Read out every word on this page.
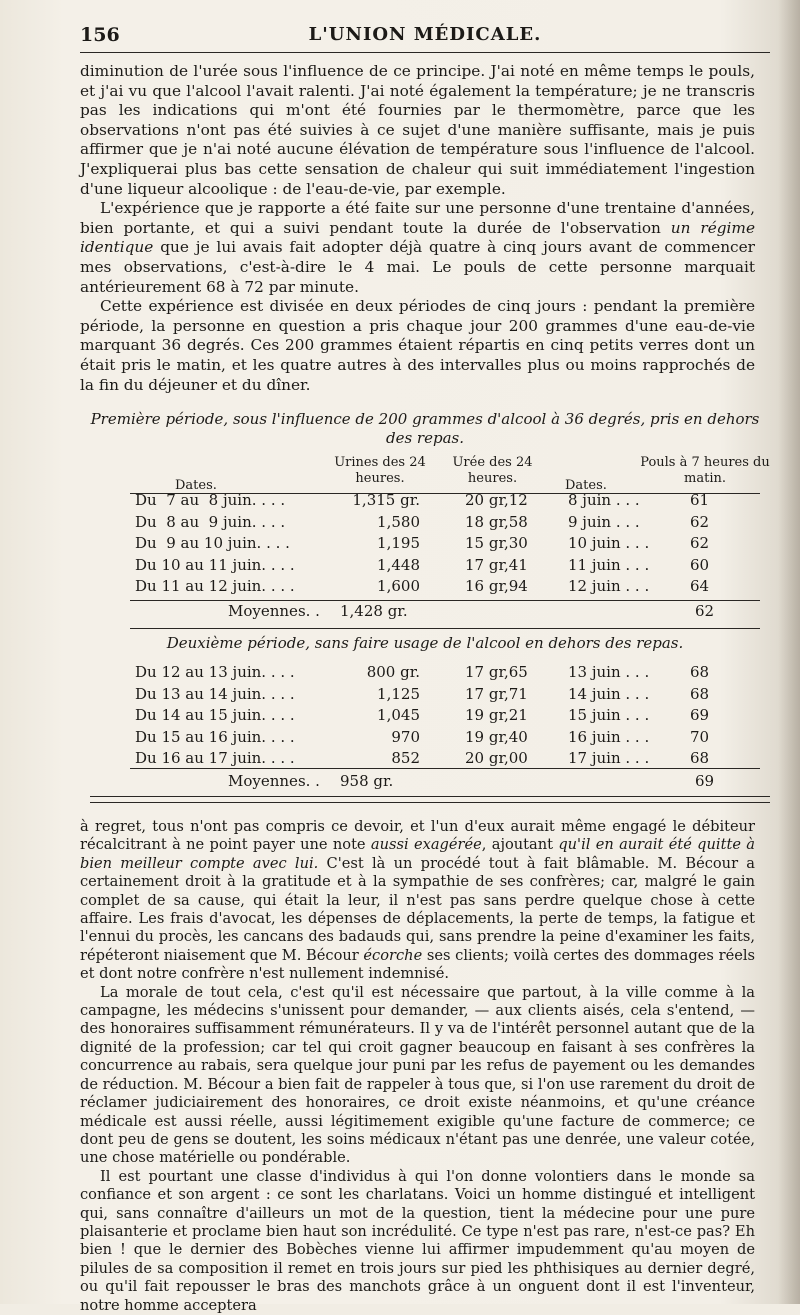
156	L'UNION MÉDICALE.

diminution de l'urée sous l'influence de ce principe. J'ai noté en même temps le pouls, et j'ai vu que l'alcool l'avait ralenti. J'ai noté également la température; je ne transcris pas les indications qui m'ont été fournies par le thermomètre, parce que les observations n'ont pas été suivies à ce sujet d'une manière suffisante, mais je puis affirmer que je n'ai noté aucune élévation de température sous l'influence de l'alcool. J'expliquerai plus bas cette sensation de chaleur qui suit immédiatement l'ingestion d'une liqueur alcoolique : de l'eau-de-vie, par exemple.

L'expérience que je rapporte a été faite sur une personne d'une trentaine d'années, bien portante, et qui a suivi pendant toute la durée de l'observation un régime identique que je lui avais fait adopter déjà quatre à cinq jours avant de commencer mes observations, c'est-à-dire le 4 mai. Le pouls de cette personne marquait antérieurement 68 à 72 par minute.

Cette expérience est divisée en deux périodes de cinq jours : pendant la première période, la personne en question a pris chaque jour 200 grammes d'une eau-de-vie marquant 36 degrés. Ces 200 grammes étaient répartis en cinq petits verres dont un était pris le matin, et les quatre autres à des intervalles plus ou moins rapprochés de la fin du déjeuner et du dîner.

Première période, sous l'influence de 200 grammes d'alcool à 36 degrés, pris en dehors des repas.
Dates.
Urines des 24 heures.
Urée des 24 heures.	Dates.
Pouls à 7 heures du matin.
Du  7 au  8 juin. . . .	1,315 gr.	20 gr,12	8 juin . . .	61
Du  8 au  9 juin. . . .	1,580	18 gr,58	9 juin . . .	62
Du  9 au 10 juin. . . .	1,195	15 gr,30	10 juin . . .	62
Du 10 au 11 juin. . . .	1,448	17 gr,41	11 juin . . .	60
Du 11 au 12 juin. . . .	1,600	16 gr,94	12 juin . . .	64
Moyennes. . 1,428 gr.	62
Deuxième période, sans faire usage de l'alcool en dehors des repas.
Du 12 au 13 juin. . . .	800 gr.	17 gr,65	13 juin . . .	68
Du 13 au 14 juin. . . .	1,125	17 gr,71	14 juin . . .	68
Du 14 au 15 juin. . . .	1,045	19 gr,21	15 juin . . .	69
Du 15 au 16 juin. . . .	970	19 gr,40	16 juin . . .	70
Du 16 au 17 juin. . . .	852	20 gr,00	17 juin . . .	68
Moyennes. . 958 gr.	69

à regret, tous n'ont pas compris ce devoir, et l'un d'eux aurait même engagé le débiteur récalcitrant à ne point payer une note aussi exagérée, ajoutant qu'il en aurait été quitte à bien meilleur compte avec lui. C'est là un procédé tout à fait blâmable. M. Bécour a certainement droit à la gratitude et à la sympathie de ses confrères; car, malgré le gain complet de sa cause, qui était la leur, il n'est pas sans perdre quelque chose à cette affaire. Les frais d'avocat, les dépenses de déplacements, la perte de temps, la fatigue et l'ennui du procès, les cancans des badauds qui, sans prendre la peine d'examiner les faits, répéteront niaisement que M. Bécour écorche ses clients; voilà certes des dommages réels et dont notre confrère n'est nullement indemnisé.

La morale de tout cela, c'est qu'il est nécessaire que partout, à la ville comme à la campagne, les médecins s'unissent pour demander, — aux clients aisés, cela s'entend, — des honoraires suffisamment rémunérateurs. Il y va de l'intérêt personnel autant que de la dignité de la profession; car tel qui croit gagner beaucoup en faisant à ses confrères la concurrence au rabais, sera quelque jour puni par les refus de payement ou les demandes de réduction. M. Bécour a bien fait de rappeler à tous que, si l'on use rarement du droit de réclamer judiciairement des honoraires, ce droit existe néanmoins, et qu'une créance médicale est aussi réelle, aussi légitimement exigible qu'une facture de commerce; ce dont peu de gens se doutent, les soins médicaux n'étant pas une denrée, une valeur cotée, une chose matérielle ou pondérable.

Il est pourtant une classe d'individus à qui l'on donne volontiers dans le monde sa confiance et son argent : ce sont les charlatans. Voici un homme distingué et intelligent qui, sans connaître d'ailleurs un mot de la question, tient la médecine pour une pure plaisanterie et proclame bien haut son incrédulité. Ce type n'est pas rare, n'est-ce pas? Eh bien ! que le dernier des Bobèches vienne lui affirmer impudemment qu'au moyen de pilules de sa composition il remet en trois jours sur pied les phthisiques au dernier degré, ou qu'il fait repousser le bras des manchots grâce à un onguent dont il est l'inventeur, notre homme acceptera
